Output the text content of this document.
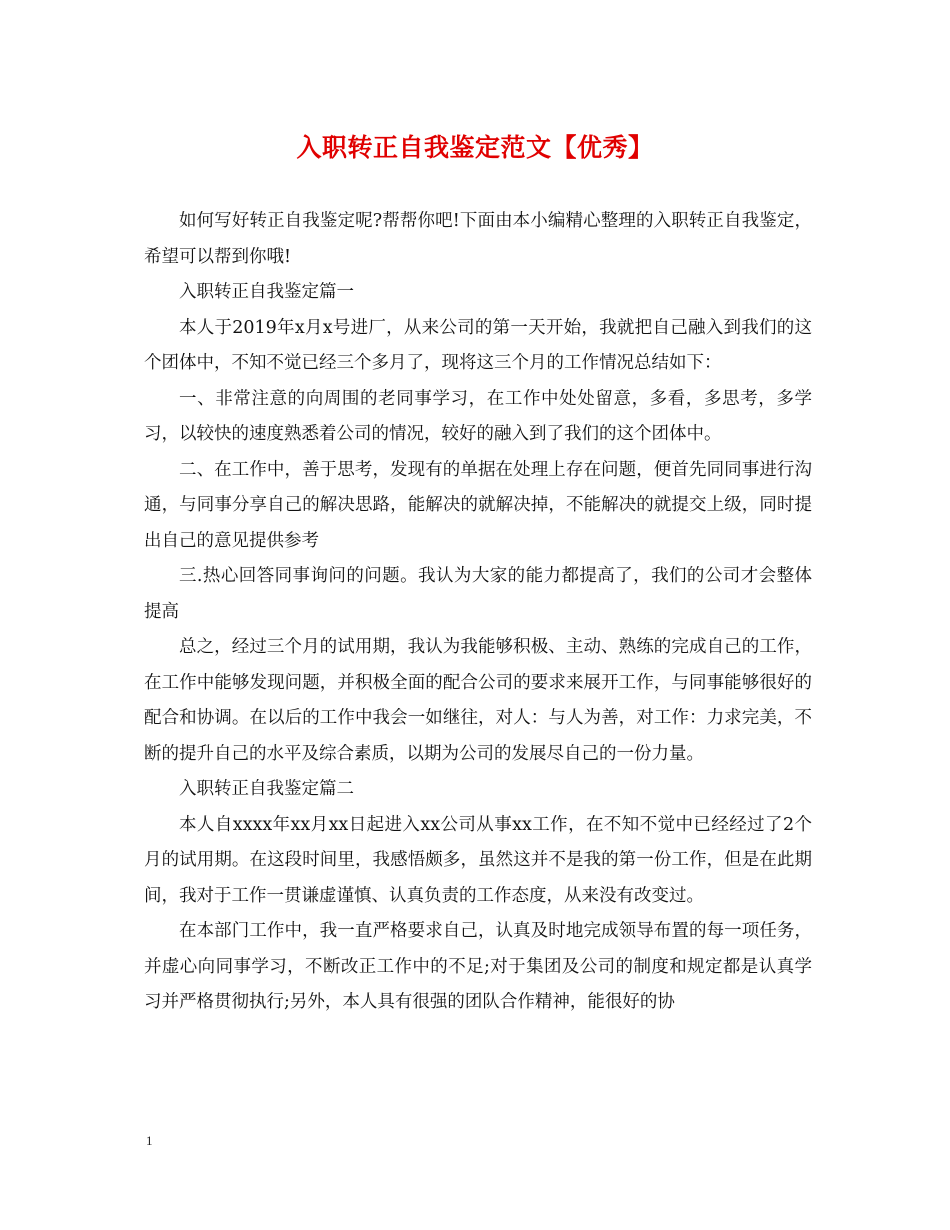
入职转正自我鉴定范文【优秀】

如何写好转正自我鉴定呢?帮帮你吧!下面由本小编精心整理的入职转正自我鉴定，希望可以帮到你哦!

入职转正自我鉴定篇一

本人于2019年x月x号进厂，从来公司的第一天开始，我就把自己融入到我们的这个团体中，不知不觉已经三个多月了，现将这三个月的工作情况总结如下：

一、非常注意的向周围的老同事学习，在工作中处处留意，多看，多思考，多学习，以较快的速度熟悉着公司的情况，较好的融入到了我们的这个团体中。

二、在工作中，善于思考，发现有的单据在处理上存在问题，便首先同同事进行沟通，与同事分享自己的解决思路，能解决的就解决掉，不能解决的就提交上级，同时提出自己的意见提供参考

三.热心回答同事询问的问题。我认为大家的能力都提高了，我们的公司才会整体提高

总之，经过三个月的试用期，我认为我能够积极、主动、熟练的完成自己的工作，在工作中能够发现问题，并积极全面的配合公司的要求来展开工作，与同事能够很好的配合和协调。在以后的工作中我会一如继往，对人：与人为善，对工作：力求完美，不断的提升自己的水平及综合素质，以期为公司的发展尽自己的一份力量。

入职转正自我鉴定篇二

本人自xxxx年xx月xx日起进入xx公司从事xx工作，在不知不觉中已经经过了2个月的试用期。在这段时间里，我感悟颇多，虽然这并不是我的第一份工作，但是在此期间，我对于工作一贯谦虚谨慎、认真负责的工作态度，从来没有改变过。

在本部门工作中，我一直严格要求自己，认真及时地完成领导布置的每一项任务，并虚心向同事学习，不断改正工作中的不足;对于集团及公司的制度和规定都是认真学习并严格贯彻执行;另外，本人具有很强的团队合作精神，能很好的协

1
